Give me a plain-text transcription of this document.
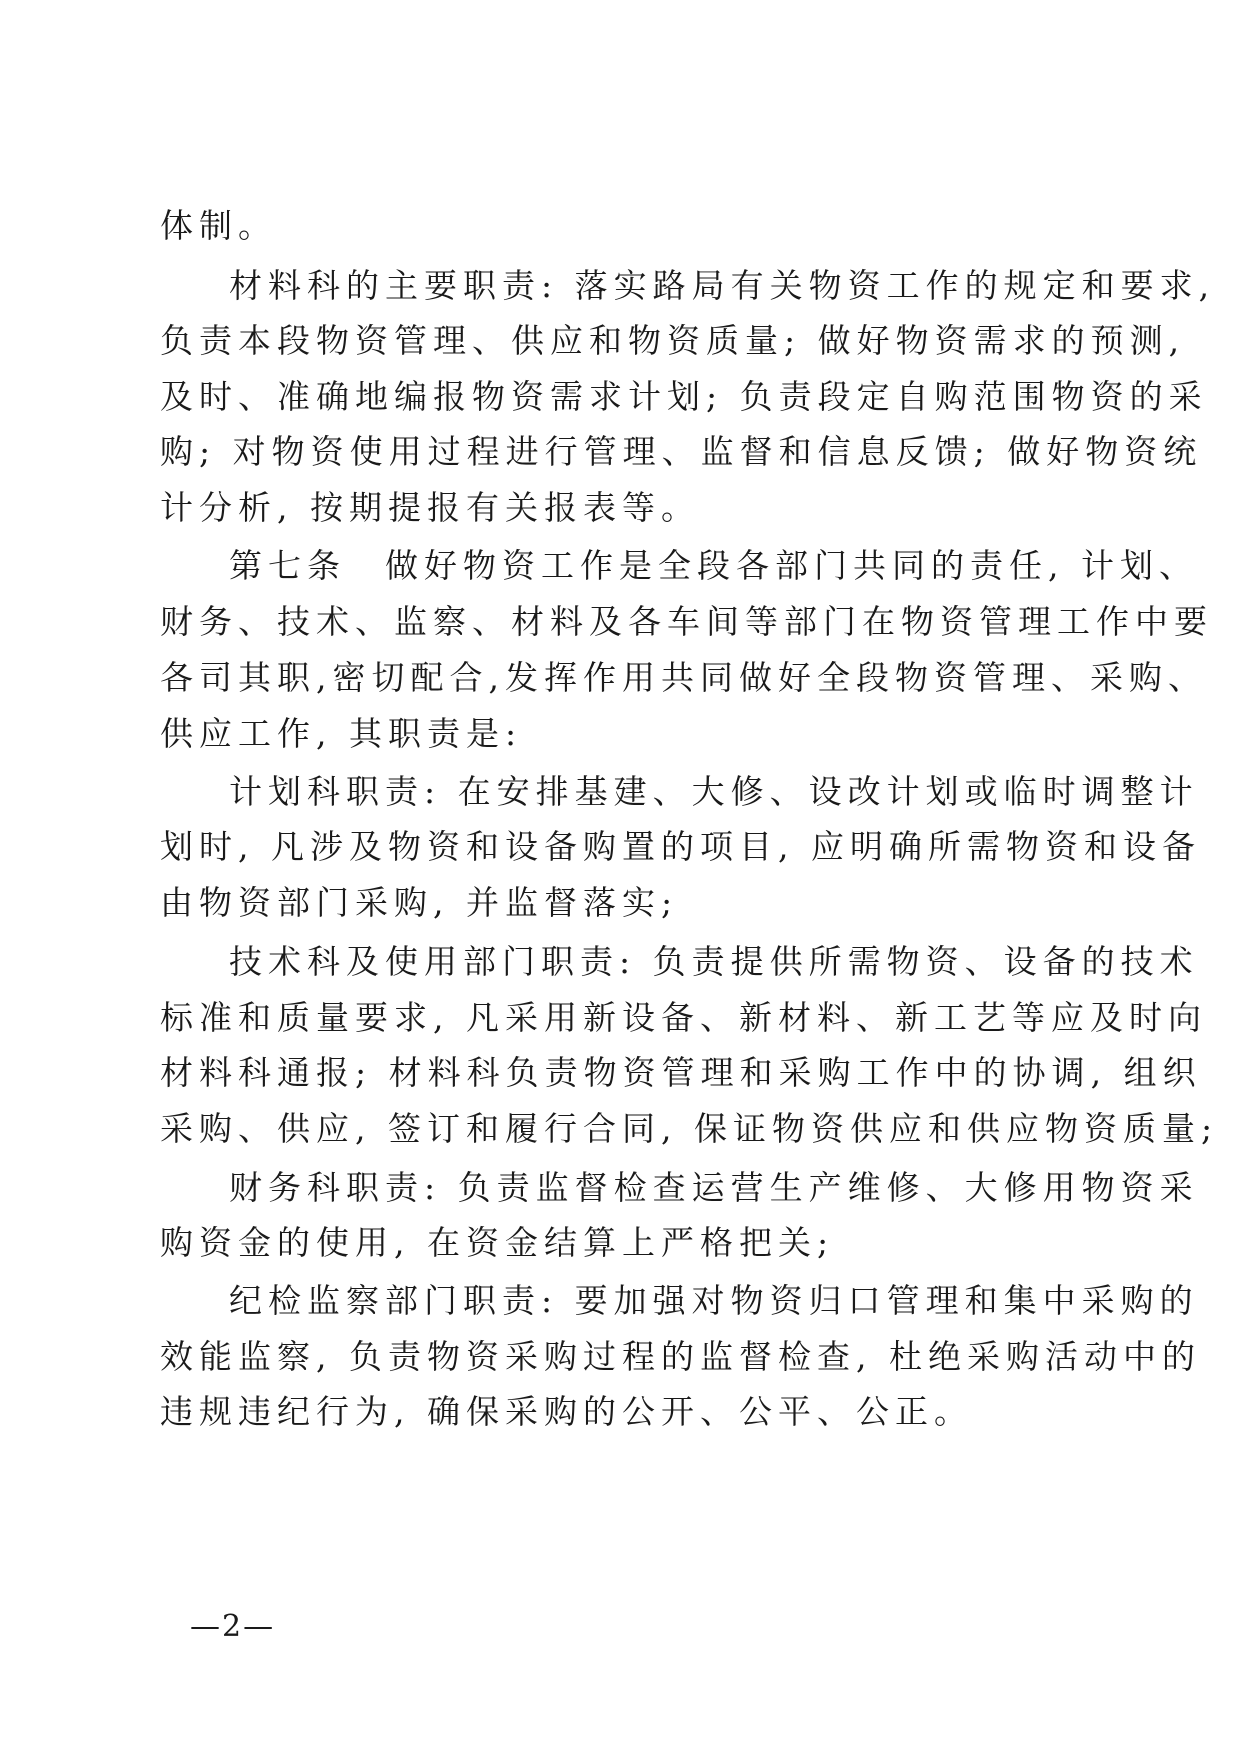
体制。
材料科的主要职责: 落实路局有关物资工作的规定和要求,
负责本段物资管理、供应和物资质量; 做好物资需求的预测,
及时、准确地编报物资需求计划; 负责段定自购范围物资的采
购; 对物资使用过程进行管理、监督和信息反馈; 做好物资统
计分析, 按期提报有关报表等。
第七条　做好物资工作是全段各部门共同的责任, 计划、
财务、技术、监察、材料及各车间等部门在物资管理工作中要
各司其职,密切配合,发挥作用共同做好全段物资管理、采购、
供应工作, 其职责是:
计划科职责: 在安排基建、大修、设改计划或临时调整计
划时, 凡涉及物资和设备购置的项目, 应明确所需物资和设备
由物资部门采购, 并监督落实;
技术科及使用部门职责: 负责提供所需物资、设备的技术
标准和质量要求, 凡采用新设备、新材料、新工艺等应及时向
材料科通报; 材料科负责物资管理和采购工作中的协调, 组织
采购、供应, 签订和履行合同, 保证物资供应和供应物资质量;
财务科职责: 负责监督检查运营生产维修、大修用物资采
购资金的使用, 在资金结算上严格把关;
纪检监察部门职责: 要加强对物资归口管理和集中采购的
效能监察, 负责物资采购过程的监督检查, 杜绝采购活动中的
违规违纪行为, 确保采购的公开、公平、公正。
—2—
